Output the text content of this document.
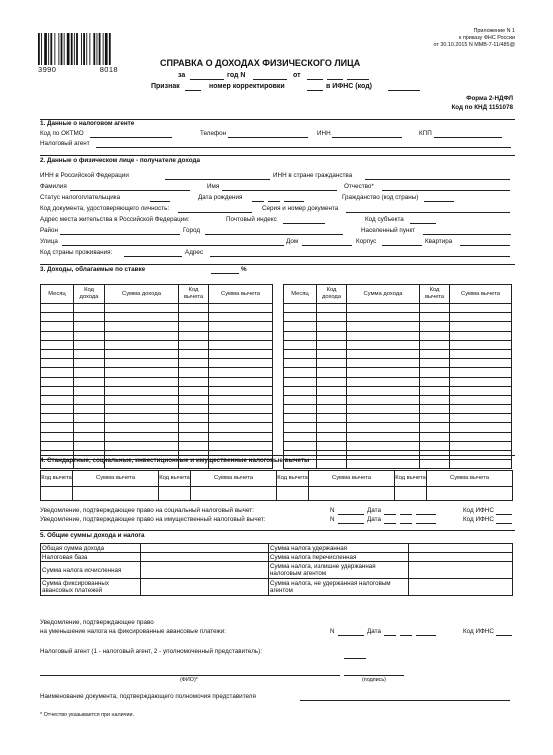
3990	8018
Приложение N 1
к приказу ФНС России
от 30.10.2015 N ММВ-7-11/485@
СПРАВКА О ДОХОДАХ ФИЗИЧЕСКОГО ЛИЦА
за	год N	от
Признак	номер корректировки	в ИФНС (код)
Форма 2-НДФЛ
Код по КНД 1151078
1. Данные о налоговом агенте
Код по ОКТМО	Телефон	ИНН	КПП
Налоговый агент
2. Данные о физическом лице - получателе дохода
ИНН в Российской Федерации	ИНН в стране гражданства
Фамилия	Имя	Отчество*
Статус налогоплательщика	Дата рождения	Гражданство (код страны)
Код документа, удостоверяющего личность:	Серия и номер документа
Адрес места жительства в Российской Федерации:	Почтовый индекс	Код субъекта
Район	Город	Населенный пункт
Улица	Дом	Корпус	Квартира
Код страны проживания:	Адрес
3. Доходы, облагаемые по ставке	%
Месяц	Код дохода	Сумма дохода	Код вычета	Сумма вычета

					Месяц	Код дохода	Сумма дохода	Код вычета	Сумма вычета

4. Стандартные, социальные, инвестиционные и имущественные налоговые вычеты
Код вычета	Сумма вычета	Код вычета	Сумма вычета	Код вычета	Сумма вычета	Код вычета	Сумма вычета

Уведомление, подтверждающее право на социальный налоговый вычет:	N	Дата	Код ИФНС
Уведомление, подтверждающее право на имущественный налоговый вычет:	N	Дата	Код ИФНС
5. Общие суммы дохода и налога
Общая сумма дохода		Сумма налога удержанная	
Налоговая база		Сумма налога перечисленная	
Сумма налога исчисленная		Сумма налога, излишне удержанная налоговым агентом	
Сумма фиксированных авансовых платежей		Сумма налога, не удержанная налоговым агентом	
Уведомление, подтверждающее право
на уменьшение налога на фиксированные авансовые платежи:	N	Дата	Код ИФНС
Налоговый агент (1 - налоговый агент, 2 - уполномоченный представитель):
(ФИО)*	(подпись)
Наименование документа, подтверждающего полномочия представителя
* Отчество указывается при наличии.
